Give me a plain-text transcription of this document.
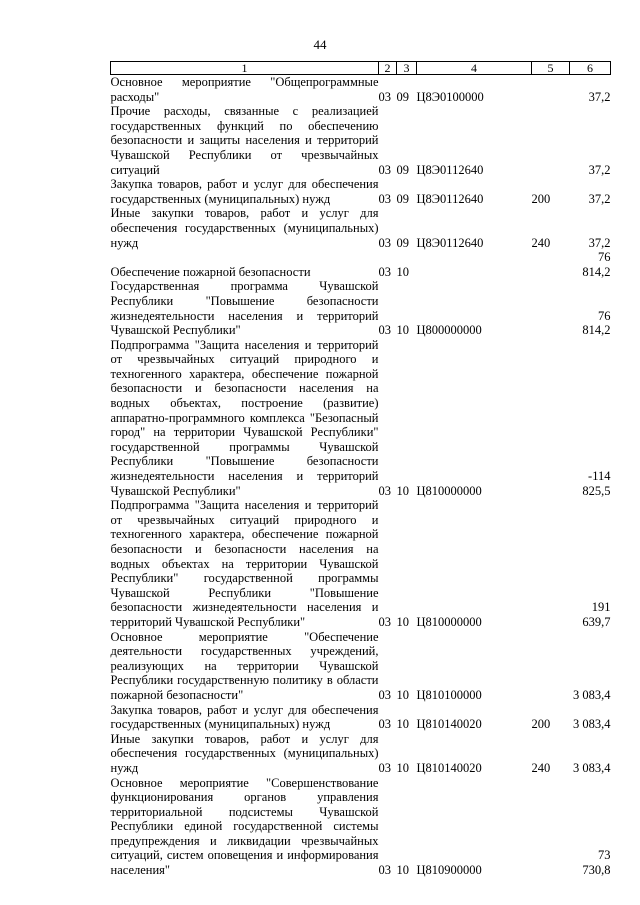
44
1	2	3	4	5	6
Основное мероприятие "Общепрограммные расходы"	03	09	Ц8Э0100000		37,2
Прочие расходы, связанные с реализацией государственных функций по обеспечению безопасности и защиты населения и территорий Чувашской Республики от чрезвычайных ситуаций	03	09	Ц8Э0112640		37,2
Закупка товаров, работ и услуг для обеспечения государственных (муниципальных) нужд	03	09	Ц8Э0112640	200	37,2
Иные закупки товаров, работ и услуг для обеспечения государственных (муниципальных) нужд	03	09	Ц8Э0112640	240	37,2
Обеспечение пожарной безопасности	03	10			76 814,2
Государственная программа Чувашской Республики "Повышение безопасности жизнедеятельности населения и территорий Чувашской Республики"	03	10	Ц800000000		76 814,2
Подпрограмма "Защита населения и территорий от чрезвычайных ситуаций природного и техногенного характера, обеспечение пожарной безопасности и безопасности населения на водных объектах, построение (развитие) аппаратно-программного комплекса "Безопасный город" на территории Чувашской Республики" государственной программы Чувашской Республики "Повышение безопасности жизнедеятельности населения и территорий Чувашской Республики"	03	10	Ц810000000		-114 825,5
Подпрограмма "Защита населения и территорий от чрезвычайных ситуаций природного и техногенного характера, обеспечение пожарной безопасности и безопасности населения на водных объектах на территории Чувашской Республики" государственной программы Чувашской Республики "Повышение безопасности жизнедеятельности населения и территорий Чувашской Республики"	03	10	Ц810000000		191 639,7
Основное мероприятие "Обеспечение деятельности государственных учреждений, реализующих на территории Чувашской Республики государственную политику в области пожарной безопасности"	03	10	Ц810100000		3 083,4
Закупка товаров, работ и услуг для обеспечения государственных (муниципальных) нужд	03	10	Ц810140020	200	3 083,4
Иные закупки товаров, работ и услуг для обеспечения государственных (муниципальных) нужд	03	10	Ц810140020	240	3 083,4
Основное мероприятие "Совершенствование функционирования органов управления территориальной подсистемы Чувашской Республики единой государственной системы предупреждения и ликвидации чрезвычайных ситуаций, систем оповещения и информирования населения"	03	10	Ц810900000		73 730,8
